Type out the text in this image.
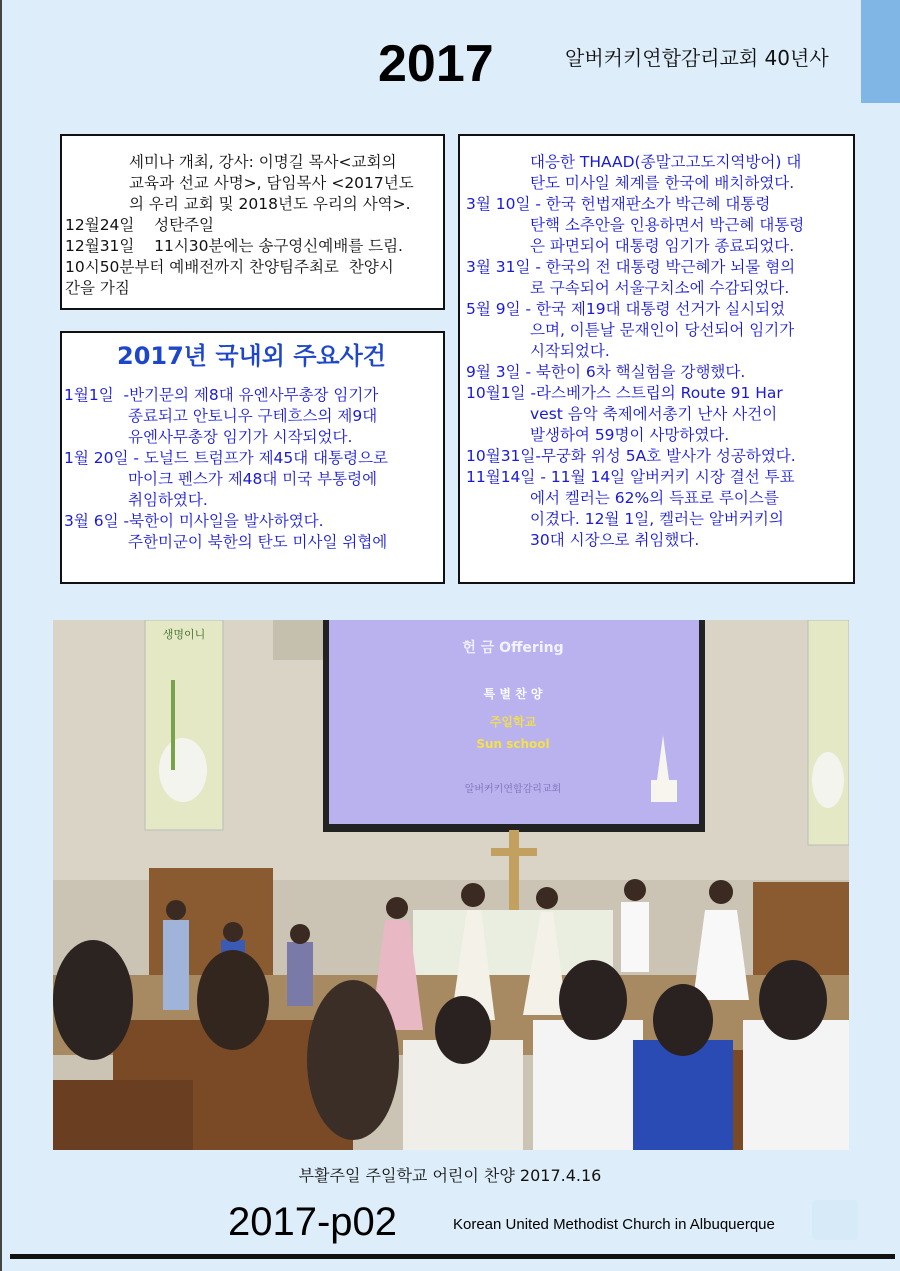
2017	알버커키연합감리교회 40년사
세미나 개최, 강사: 이명길 목사<교회의
교육과 선교 사명>, 담임목사 <2017년도
의 우리 교회 및 2018년도 우리의 사역>.
12월24일    성탄주일
12월31일    11시30분에는 송구영신예배를 드림.
10시50분부터 예배전까지 찬양팀주최로  찬양시
간을 가짐
2017년 국내외 주요사건
1월1일  -반기문의 제8대 유엔사무총장 임기가
종료되고 안토니우 구테흐스의 제9대
유엔사무총장 임기가 시작되었다.
1월 20일 - 도널드 트럼프가 제45대 대통령으로
마이크 펜스가 제48대 미국 부통령에
취임하였다.
3월 6일 -북한이 미사일을 발사하였다.
주한미군이 북한의 탄도 미사일 위협에
대응한 THAAD(종말고고도지역방어) 대
탄도 미사일 체계를 한국에 배치하였다.
3월 10일 - 한국 헌법재판소가 박근혜 대통령
탄핵 소추안을 인용하면서 박근혜 대통령
은 파면되어 대통령 임기가 종료되었다.
3월 31일 - 한국의 전 대통령 박근혜가 뇌물 혐의
로 구속되어 서울구치소에 수감되었다.
5월 9일 - 한국 제19대 대통령 선거가 실시되었
으며, 이튿날 문재인이 당선되어 임기가
시작되었다.
9월 3일 - 북한이 6차 핵실험을 강행했다.
10월1일 -라스베가스 스트립의 Route 91 Har
vest 음악 축제에서총기 난사 사건이
발생하여 59명이 사망하였다.
10월31일-무궁화 위성 5A호 발사가 성공하였다.
11월14일 - 11월 14일 알버커키 시장 결선 투표
에서 켈러는 62%의 득표로 루이스를
이겼다. 12월 1일, 켈러는 알버커키의
30대 시장으로 취임했다.
생명이니
헌 금 Offering
특 별 찬 양
주일학교
Sun school
알버커키연합감리교회
부활주일 주일학교 어린이 찬양 2017.4.16
2017-p02	Korean United Methodist Church in Albuquerque
